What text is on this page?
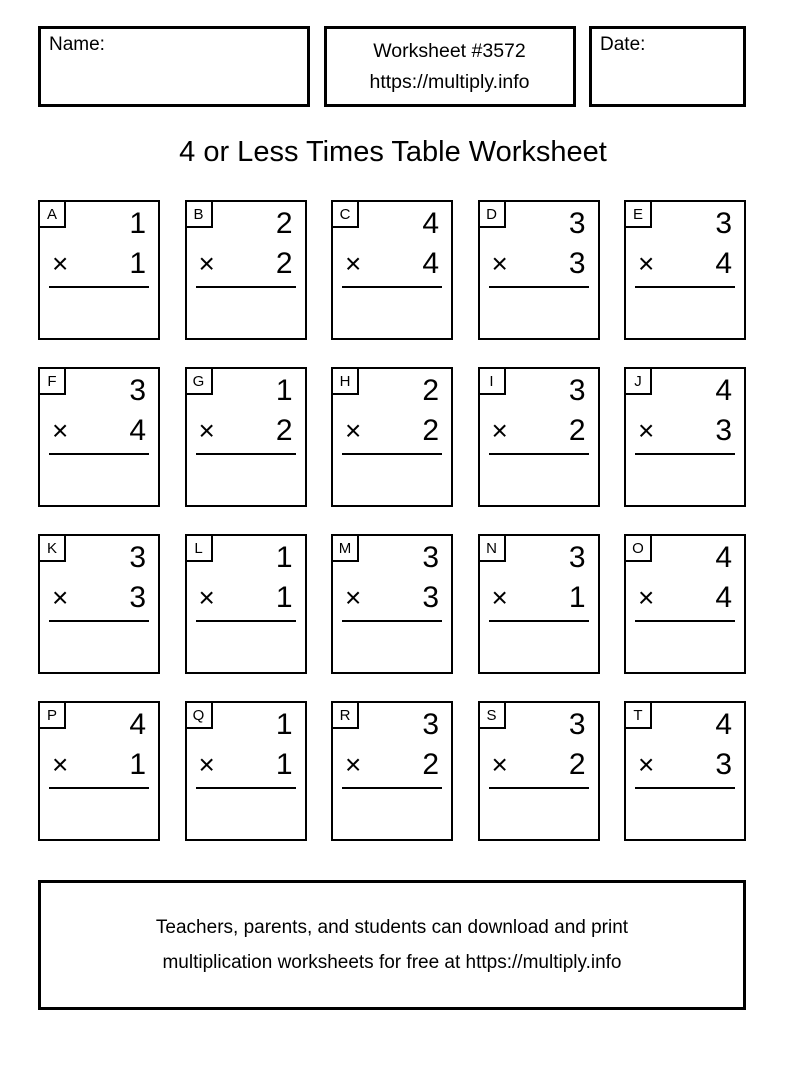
Name:	Worksheet #3572
https://multiply.info
Date:
4 or Less Times Table Worksheet
A	1
× 1
B	2
× 2
C 4
× 4
D 3
× 3
E	3
× 4
F	3
× 4
G 1
× 2
H 2
× 2
I	3
× 2
J	4
× 3
K	3
× 3
L	1
× 1
M 3
× 3
N 3
× 1
O 4
× 4
P	4
× 1
Q 1
× 1
R 3
× 2
S	3
× 2
T	4
× 3
Teachers, parents, and students can download and print
multiplication worksheets for free at https://multiply.info
